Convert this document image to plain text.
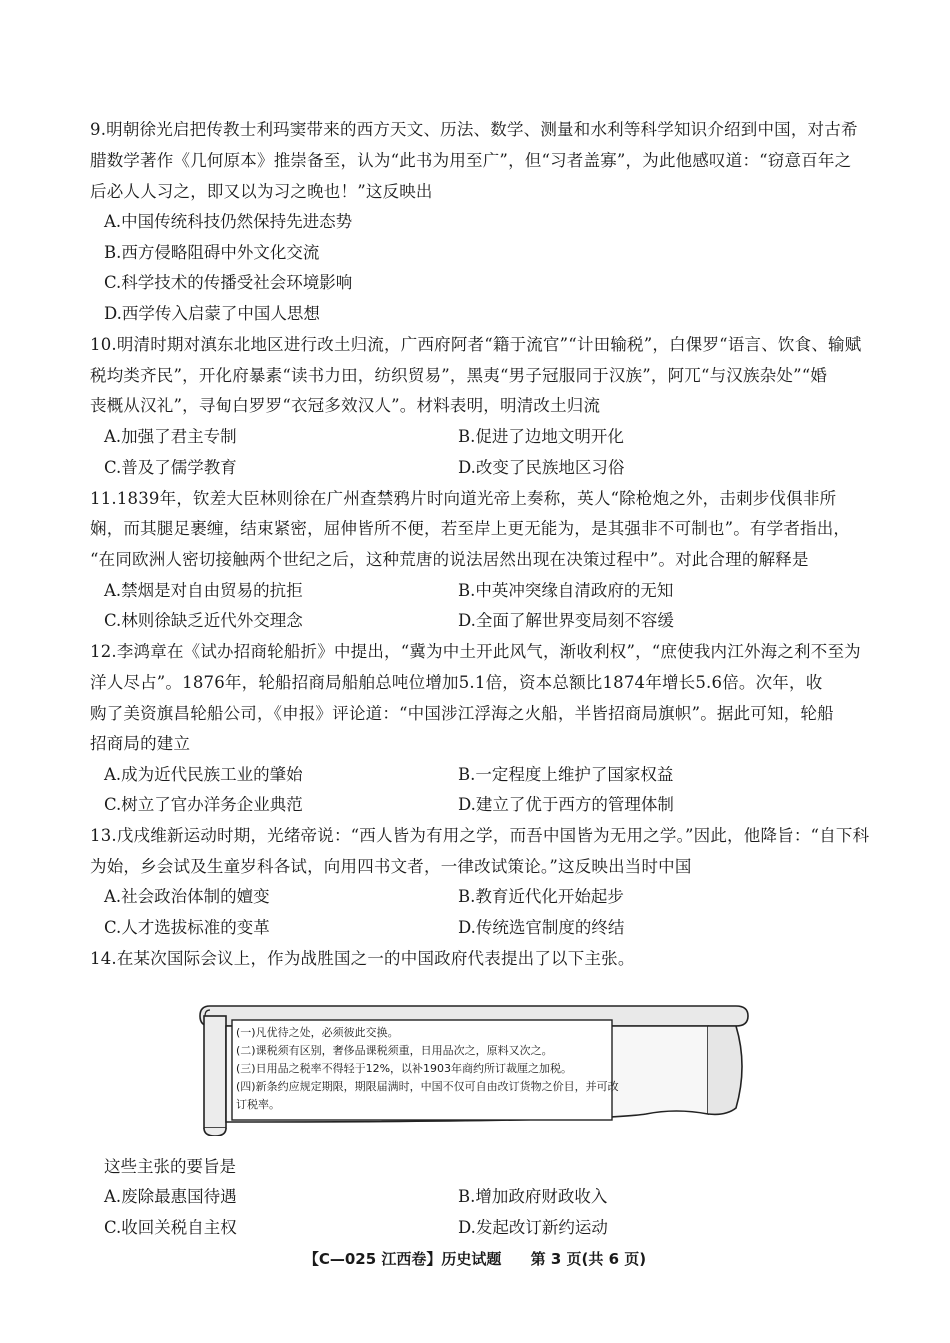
9.明朝徐光启把传教士利玛窦带来的西方天文、历法、数学、测量和水利等科学知识介绍到中国，对古希
腊数学著作《几何原本》推崇备至，认为“此书为用至广”，但“习者盖寡”，为此他感叹道：“窃意百年之
后必人人习之，即又以为习之晚也！”这反映出
A.中国传统科技仍然保持先进态势
B.西方侵略阻碍中外文化交流
C.科学技术的传播受社会环境影响
D.西学传入启蒙了中国人思想
10.明清时期对滇东北地区进行改土归流，广西府阿者“籍于流官”“计田输税”，白倮罗“语言、饮食、输赋
税均类齐民”，开化府暴素“读书力田，纺织贸易”，黑夷“男子冠服同于汉族”，阿兀“与汉族杂处”“婚
丧概从汉礼”，寻甸白罗罗“衣冠多效汉人”。材料表明，明清改土归流
A.加强了君主专制	B.促进了边地文明开化
C.普及了儒学教育	D.改变了民族地区习俗
11.1839年，钦差大臣林则徐在广州查禁鸦片时向道光帝上奏称，英人“除枪炮之外，击刺步伐俱非所
娴，而其腿足裹缠，结束紧密，屈伸皆所不便，若至岸上更无能为，是其强非不可制也”。有学者指出，
“在同欧洲人密切接触两个世纪之后，这种荒唐的说法居然出现在决策过程中”。对此合理的解释是
A.禁烟是对自由贸易的抗拒	B.中英冲突缘自清政府的无知
C.林则徐缺乏近代外交理念	D.全面了解世界变局刻不容缓
12.李鸿章在《试办招商轮船折》中提出，“冀为中土开此风气，渐收利权”，“庶使我内江外海之利不至为
洋人尽占”。1876年，轮船招商局船舶总吨位增加5.1倍，资本总额比1874年增长5.6倍。次年，收
购了美资旗昌轮船公司，《申报》评论道：“中国涉江浮海之火船，半皆招商局旗帜”。据此可知，轮船
招商局的建立
A.成为近代民族工业的肇始	B.一定程度上维护了国家权益
C.树立了官办洋务企业典范	D.建立了优于西方的管理体制
13.戊戌维新运动时期，光绪帝说：“西人皆为有用之学，而吾中国皆为无用之学。”因此，他降旨：“自下科
为始，乡会试及生童岁科各试，向用四书文者，一律改试策论。”这反映出当时中国
A.社会政治体制的嬗变	B.教育近代化开始起步
C.人才选拔标准的变革	D.传统选官制度的终结
14.在某次国际会议上，作为战胜国之一的中国政府代表提出了以下主张。
(一)凡优待之处，必须彼此交换。
(二)课税须有区别，奢侈品课税须重，日用品次之，原料又次之。
(三)日用品之税率不得轻于12%，以补1903年商约所订裁厘之加税。
(四)新条约应规定期限，期限届满时，中国不仅可自由改订货物之价目，并可改
订税率。
这些主张的要旨是
A.废除最惠国待遇	B.增加政府财政收入
C.收回关税自主权	D.发起改订新约运动
【C—025 江西卷】历史试题 第 3 页(共 6 页)
